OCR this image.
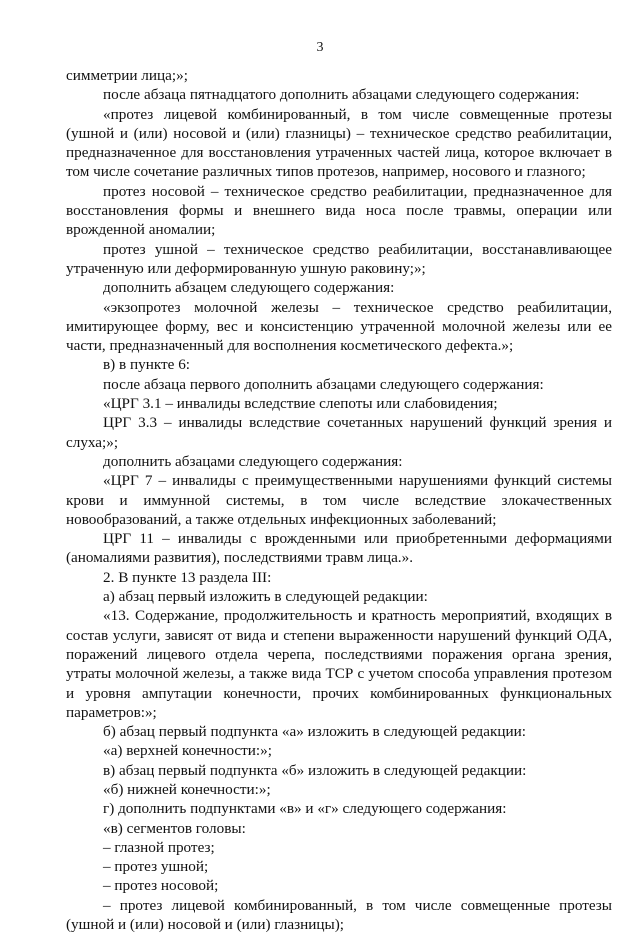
3

симметрии лица;»;

после абзаца пятнадцатого дополнить абзацами следующего содержания:

«протез лицевой комбинированный, в том числе совмещенные протезы (ушной и (или) носовой и (или) глазницы) – техническое средство реабилитации, предназначенное для восстановления утраченных частей лица, которое включает в том числе сочетание различных типов протезов, например, носового и глазного;

протез носовой – техническое средство реабилитации, предназначенное для восстановления формы и внешнего вида носа после травмы, операции или врожденной аномалии;

протез ушной – техническое средство реабилитации, восстанавливающее утраченную или деформированную ушную раковину;»;

дополнить абзацем следующего содержания:

«экзопротез молочной железы – техническое средство реабилитации, имитирующее форму, вес и консистенцию утраченной молочной железы или ее части, предназначенный для восполнения косметического дефекта.»;

в) в пункте 6:

после абзаца первого дополнить абзацами следующего содержания:

«ЦРГ 3.1 – инвалиды вследствие слепоты или слабовидения;

ЦРГ 3.3 – инвалиды вследствие сочетанных нарушений функций зрения и слуха;»;

дополнить абзацами следующего содержания:

«ЦРГ 7 – инвалиды с преимущественными нарушениями функций системы крови и иммунной системы, в том числе вследствие злокачественных новообразований, а также отдельных инфекционных заболеваний;

ЦРГ 11 – инвалиды с врожденными или приобретенными деформациями (аномалиями развития), последствиями травм лица.».

2. В пункте 13 раздела III:

а) абзац первый изложить в следующей редакции:

«13. Содержание, продолжительность и кратность мероприятий, входящих в состав услуги, зависят от вида и степени выраженности нарушений функций ОДА, поражений лицевого отдела черепа, последствиями поражения органа зрения, утраты молочной железы, а также вида ТСР с учетом способа управления протезом и уровня ампутации конечности, прочих комбинированных функциональных параметров:»;

б) абзац первый подпункта «а» изложить в следующей редакции:

«а) верхней конечности:»;

в) абзац первый подпункта «б» изложить в следующей редакции:

«б) нижней конечности:»;

г) дополнить подпунктами «в» и «г» следующего содержания:

«в) сегментов головы:

– глазной протез;

– протез ушной;

– протез носовой;

– протез лицевой комбинированный, в том числе совмещенные протезы (ушной и (или) носовой и (или) глазницы);
